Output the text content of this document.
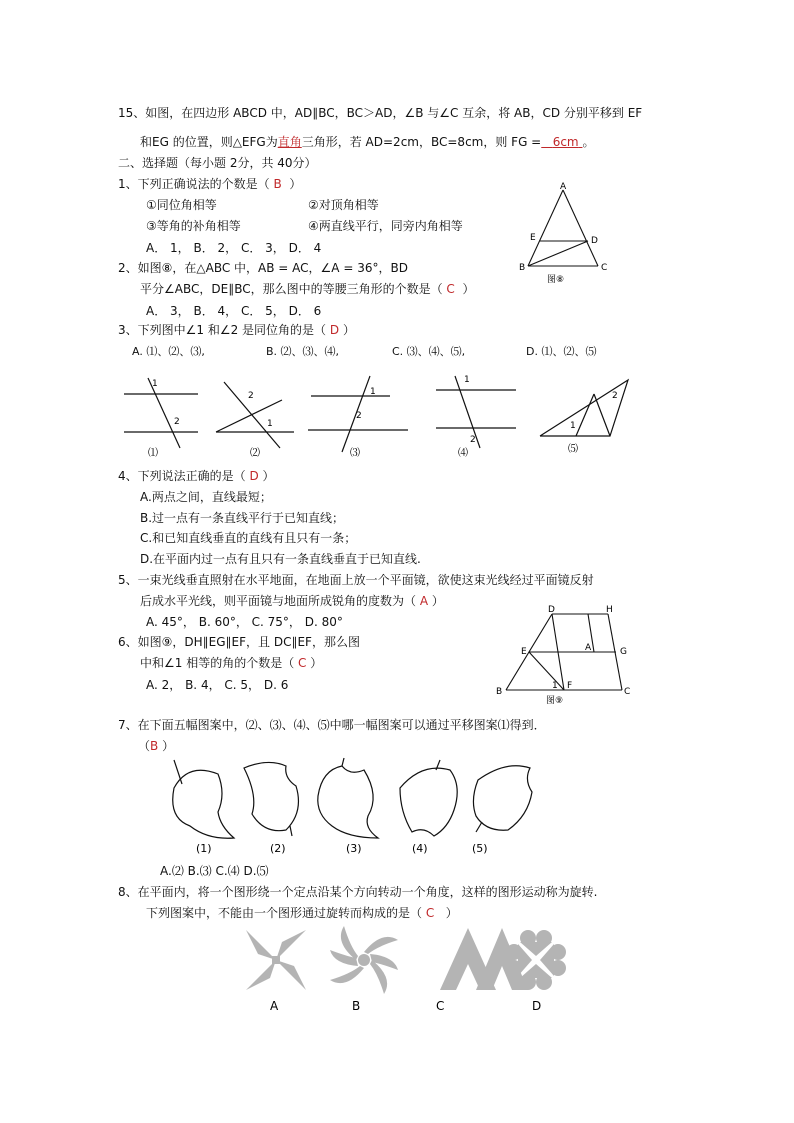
15、如图，在四边形 ABCD 中，AD∥BC，BC＞AD，∠B 与∠C 互余，将 AB，CD 分别平移到 EF
和EG 的位置，则△EFG为直角三角形，若 AD=2cm，BC=8cm，则 FG = 6cm 。
二、选择题（每小题 2分，共 40分）
1、下列正确说法的个数是（ B ）
①同位角相等	②对顶角相等
③等角的补角相等	④两直线平行，同旁内角相等
A． 1， B． 2， C． 3， D． 4
A
B	C
D
E
图⑧
2、如图⑧，在△ABC 中，AB = AC，∠A = 36°，BD
平分∠ABC，DE∥BC，那么图中的等腰三角形的个数是（ C ）
A． 3， B． 4， C． 5， D． 6
3、下列图中∠1 和∠2 是同位角的是（ D ）
A. ⑴、⑵、⑶,	B. ⑵、⑶、⑷,	C. ⑶、⑷、⑸,	D. ⑴、⑵、⑸
1
2
2
1
1
2
1
2
1
2
⑴	⑵	⑶	⑷	⑸
4、下列说法正确的是（ D ）
A.两点之间，直线最短；
B.过一点有一条直线平行于已知直线；
C.和已知直线垂直的直线有且只有一条；
D.在平面内过一点有且只有一条直线垂直于已知直线.
5、一束光线垂直照射在水平地面，在地面上放一个平面镜，欲使这束光线经过平面镜反射
后成水平光线，则平面镜与地面所成锐角的度数为（ A ）
A. 45°， B. 60°， C. 75°， D. 80°
6、如图⑨，DH∥EG∥EF，且 DC∥EF，那么图
中和∠1 相等的角的个数是（ C ）
A. 2， B. 4， C. 5， D. 6
D	H
E	A	G
B
F
C
1
图⑨
7、在下面五幅图案中，⑵、⑶、⑷、⑸中哪一幅图案可以通过平移图案⑴得到．
（B ）
(1)	(2)	(3)	(4)	(5)
A.⑵ B.⑶ C.⑷ D.⑸
8、在平面内，将一个图形绕一个定点沿某个方向转动一个角度，这样的图形运动称为旋转.
下列图案中，不能由一个图形通过旋转而构成的是（ C ）
A	B	C	D
